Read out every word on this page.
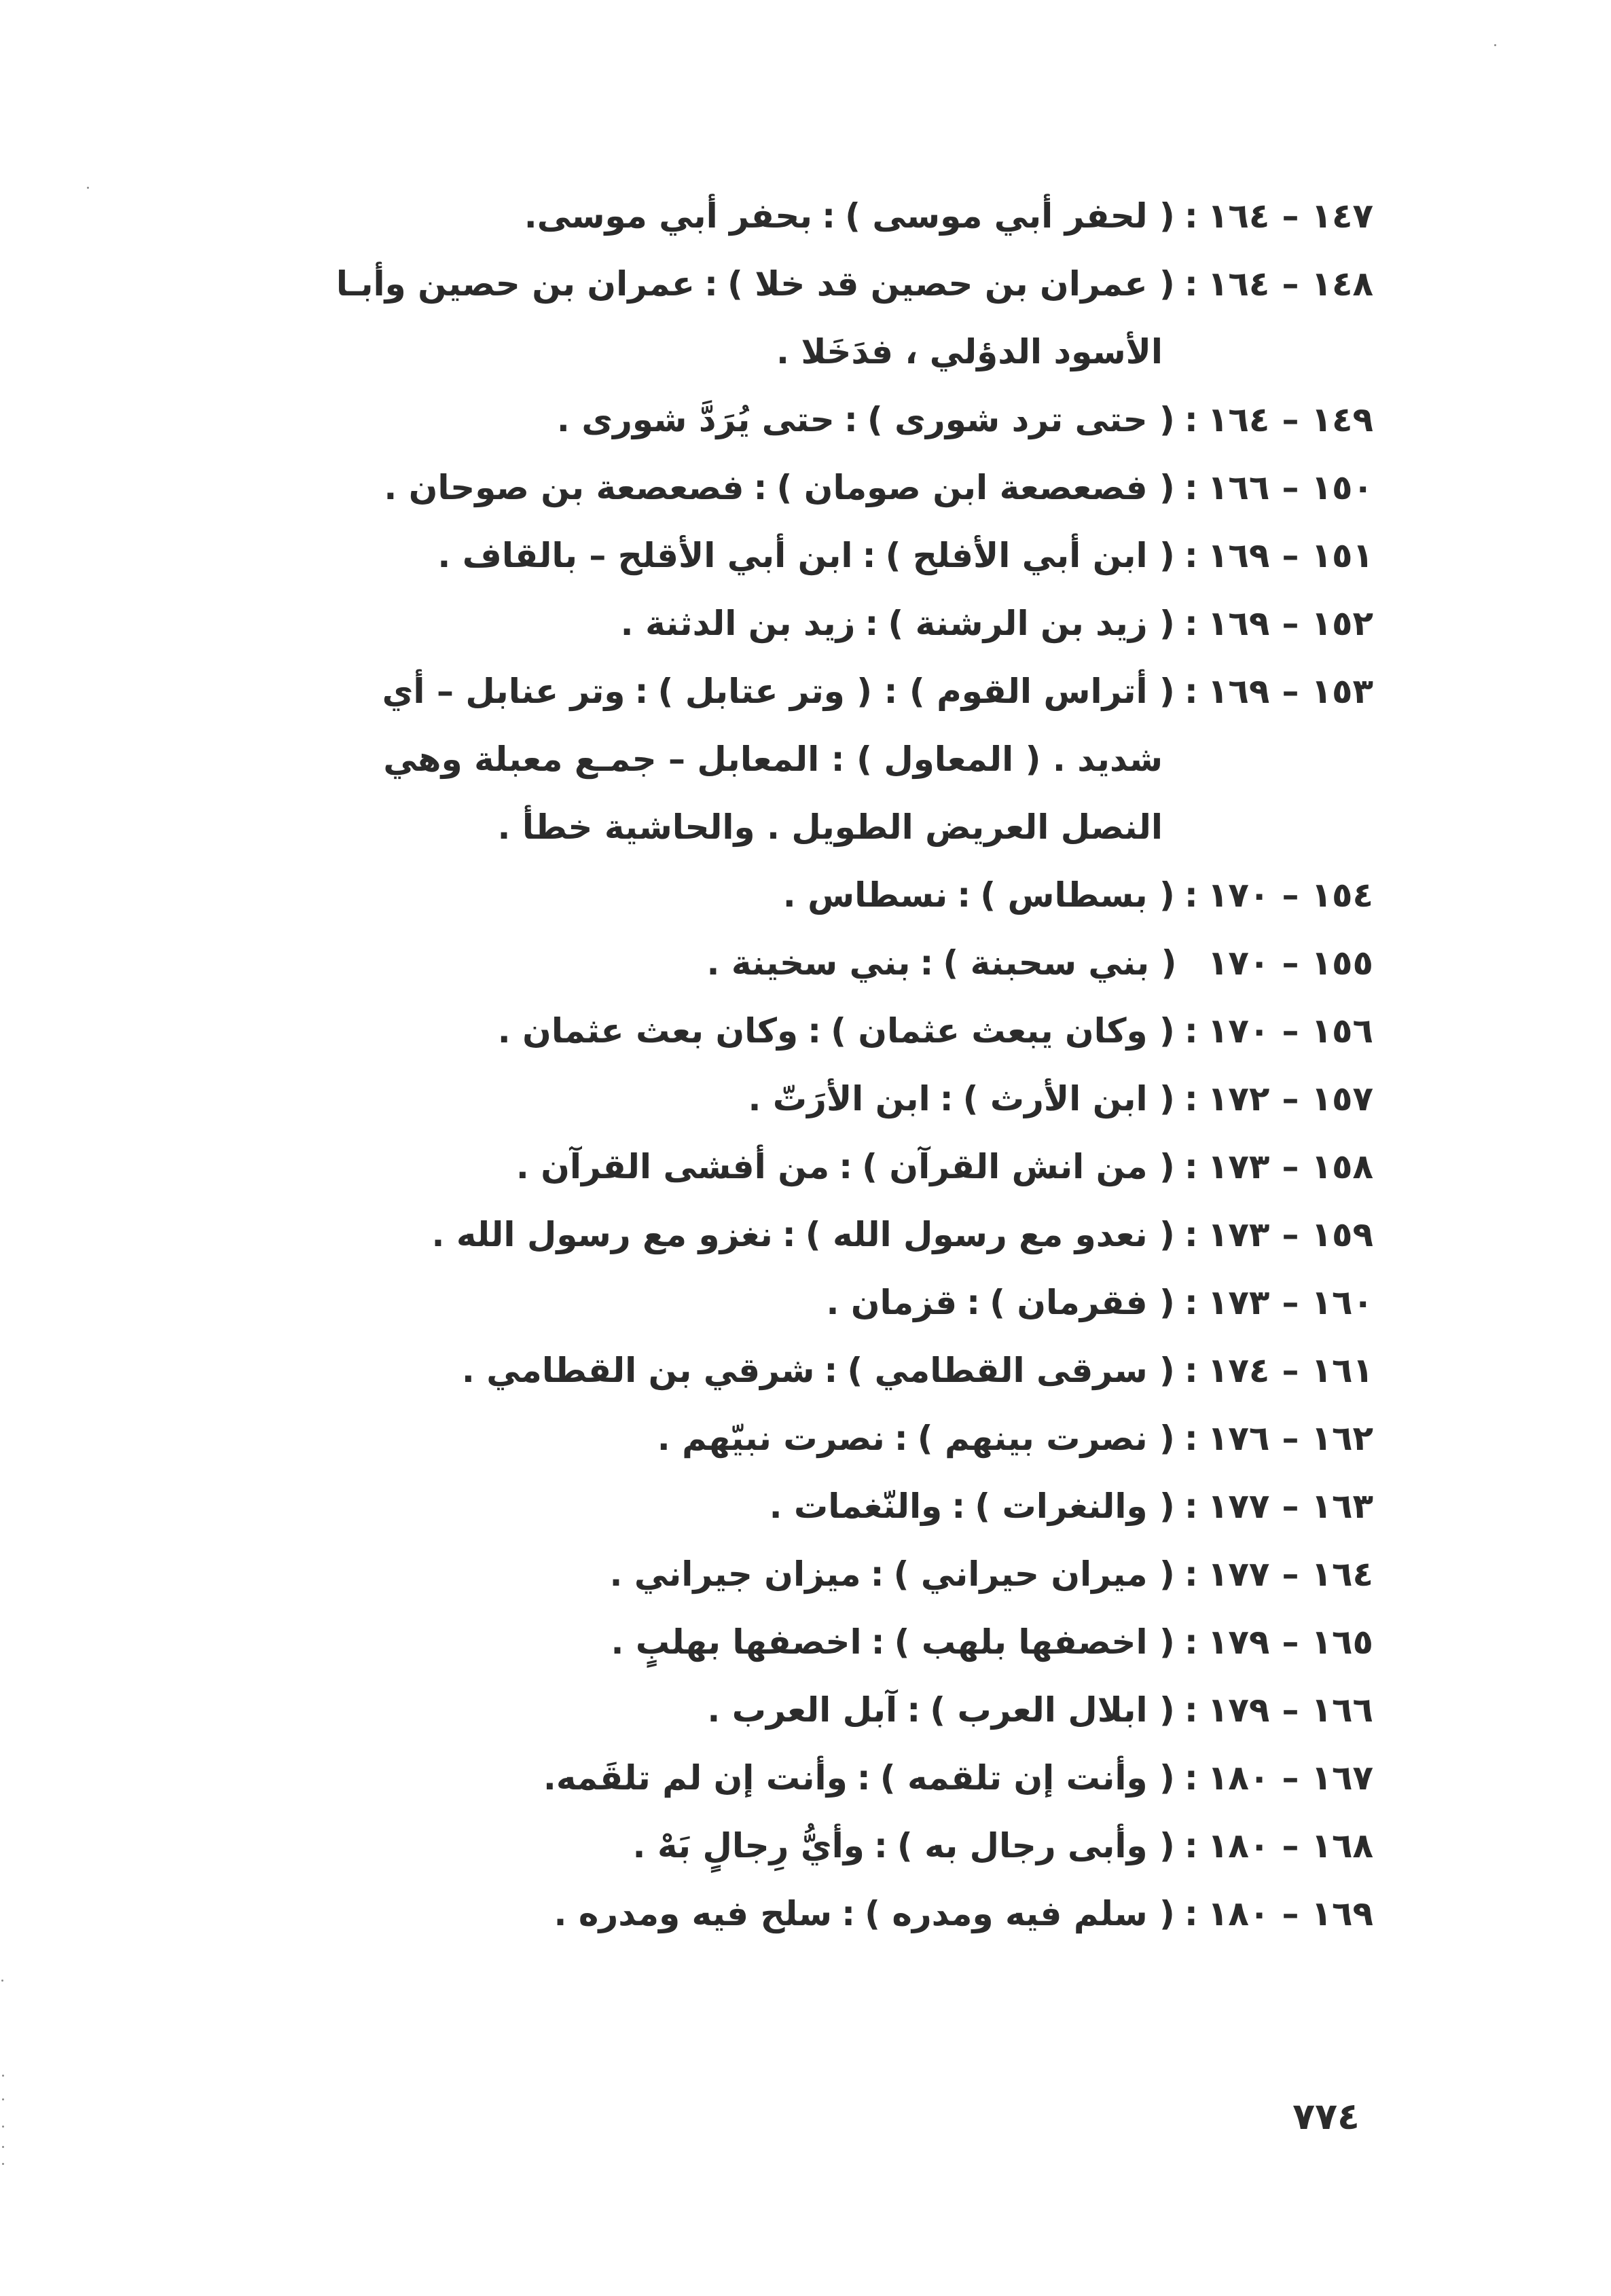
١٤٧–١٦٤:( لحفر أبي موسى ):بحفر أبي موسى.
١٤٨–١٦٤:( عمران بن حصين قد خلا ):عمران بن حصين وأبـا
الأسود الدؤلي ، فدَخَلا .
١٤٩–١٦٤:( حتى ترد شورى ):حتى يُرَدَّ شورى .
١٥٠–١٦٦:( فصعصعة ابن صومان ):فصعصعة بن صوحان .
١٥١–١٦٩:( ابن أبي الأفلح ):ابن أبي الأقلح – بالقاف .
١٥٢–١٦٩:( زيد بن الرشنة ):زيد بن الدثنة .
١٥٣–١٦٩:( أتراس القوم ) : ( وتر عتابل ):وتر عنابل – أي
شديد . ( المعاول ) : المعابل – جمـع معبلة وهي
النصل العريض الطويل . والحاشية خطأ .
١٥٤–١٧٠:( بسطاس ):نسطاس .
١٥٥–١٧٠ ( بني سحبنة ):بني سخينة .
١٥٦–١٧٠:( وكان يبعث عثمان ):وكان بعث عثمان .
١٥٧–١٧٢:( ابن الأرث ):ابن الأرَتّ .
١٥٨–١٧٣:( من انش القرآن ):من أفشى القرآن .
١٥٩–١٧٣:( نعدو مع رسول الله ):نغزو مع رسول الله .
١٦٠–١٧٣:( فقرمان ):قزمان .
١٦١–١٧٤:( سرقى القطامي ):شرقي بن القطامي .
١٦٢–١٧٦:( نصرت بينهم ):نصرت نبيّهم .
١٦٣–١٧٧:( والنغرات ):والنّغمات .
١٦٤–١٧٧:( ميران حيراني ):ميزان جيراني .
١٦٥–١٧٩:( اخصفها بلهب ):اخصفها بهلبٍ .
١٦٦–١٧٩:( ابلال العرب ):آبل العرب .
١٦٧–١٨٠:( وأنت إن تلقمه ):وأنت إن لم تلقَمه.
١٦٨–١٨٠:( وأبى رجال به ):وأيُّ رِجالٍ بَهْ .
١٦٩–١٨٠:( سلم فيه ومدره ):سلح فيه ومدره .
٧٧٤
